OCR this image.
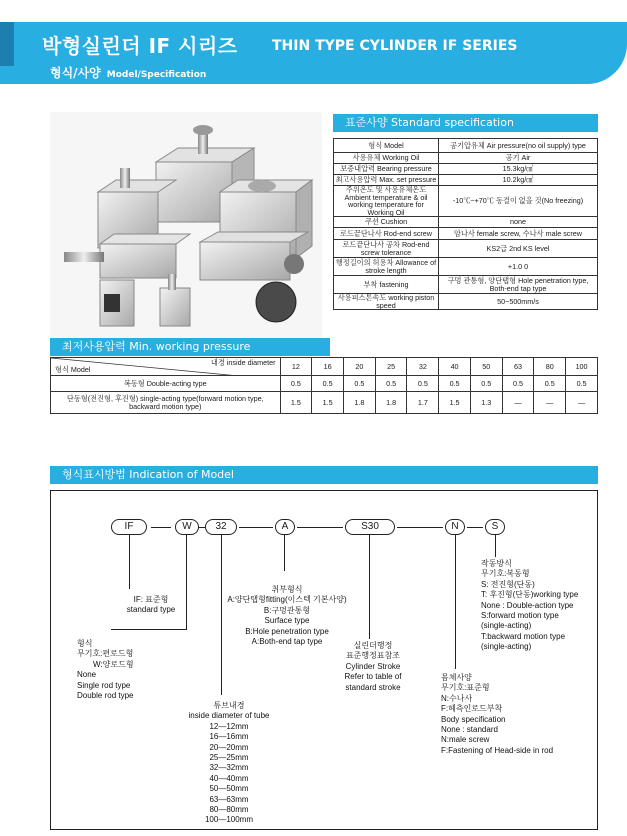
박형실린더 IF 시리즈 THIN TYPE CYLINDER IF SERIES
형식/사양 Model/Specification
표준사양 Standard specification
형식 Model	공기압유체 Air pressure(no oil supply) type
사용유체 Working Oil	공기 Air
보증내압력 Bearing pressure	15.3kg/㎠
최고사용압력 Max. set pressure	10.2kg/㎠
주위온도 및 사용유체온도 Ambient temperature & oil working temperature for Working Oil	-10℃~+70℃ 동결이 없을 것(No freezing)
쿠션 Cushion	none
로드끝단나사 Rod-end screw	암나사 female screw, 수나사 male screw
로드끝단나사 공차 Rod-end screw tolerance	KS2급 2nd KS level
행정길이의 허용차 Allowance of stroke length	+1.0 0
부착 fastening	구멍 관통형, 양단탭형 Hole penetration type, Both-end tap type
사용피스톤속도 working piston speed	50~500mm/s
최저사용압력 Min. working pressure
내경 inside diameter
형식 Model	12	16	20	25	32	40	50	63	80	100
복동형 Double-acting type	0.5	0.5	0.5	0.5	0.5	0.5	0.5	0.5	0.5	0.5
단동형(전진형, 후진형) single-acting type(forward motion type, backward motion type)	1.5	1.5	1.8	1.8	1.7	1.5	1.3	—	—	—
형식표시방법 Indication of Model
IF	W	32	A	S30	N	S
IF: 표준형
standard type
형식
무기호:편로드형
W:양로드형
None
Single rod type
Double rod type
튜브내경
inside diameter of tube
12—12mm
16—16mm
20—20mm
25—25mm
32—32mm
40—40mm
50—50mm
63—63mm
80—80mm
100—100mm
취부형식
A:양단탭형fitting(이스텍 기본사양)
B:구멍관통형
Surface type
B:Hole penetration type
A:Both-end tap type	실린더행정
표준행정표참조
Cylinder Stroke
Refer to table of
standard stroke
몸체사양
무기호:표준형
N:수나사
F:헤측인로드부착
Body specification
None : standard
N:male screw
F:Fastening of Head-side in rod
작동방식
무기호:복동형
S: 전진형(단동)
T: 후진형(단동)working type
None : Double-action type
S:forward motion type
(single-acting)
T:backward motion type
(single-acting)
